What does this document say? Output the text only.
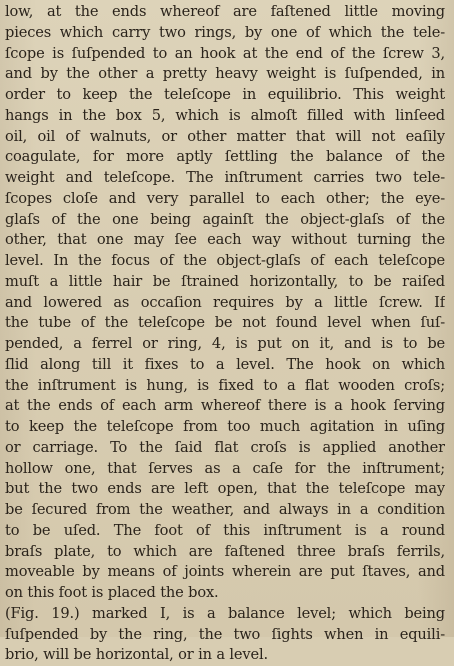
low, at the ends whereof are faſtened little moving
pieces which carry two rings, by one of which the tele-
ſcope is ſuſpended to an hook at the end of the ſcrew 3,
and by the other a pretty heavy weight is ſuſpended, in
order to keep the teleſcope in equilibrio. This weight
hangs in the box 5, which is almoſt filled with linſeed
oil, oil of walnuts, or other matter that will not eaſily
coagulate, for more aptly ſettling the balance of the
weight and teleſcope. The inſtrument carries two tele-
ſcopes cloſe and very parallel to each other; the eye-
glaſs of the one being againſt the object-glaſs of the
other, that one may ſee each way without turning the
level. In the focus of the object-glaſs of each teleſcope
muſt a little hair be ſtrained horizontally, to be raiſed
and lowered as occaſion requires by a little ſcrew. If
the tube of the teleſcope be not found level when ſuſ-
pended, a ferrel or ring, 4, is put on it, and is to be
ſlid along till it fixes to a level. The hook on which
the inſtrument is hung, is fixed to a flat wooden croſs;
at the ends of each arm whereof there is a hook ſerving
to keep the teleſcope from too much agitation in uſing
or carriage. To the ſaid flat croſs is applied another
hollow one, that ſerves as a caſe for the inſtrument;
but the two ends are left open, that the teleſcope may
be ſecured from the weather, and always in a condition
to be uſed. The foot of this inſtrument is a round
braſs plate, to which are faſtened three braſs ferrils,
moveable by means of joints wherein are put ſtaves, and
on this foot is placed the box.
(Fig. 19.) marked I, is a balance level; which being
ſuſpended by the ring, the two ſights when in equili-
brio, will be horizontal, or in a level.
